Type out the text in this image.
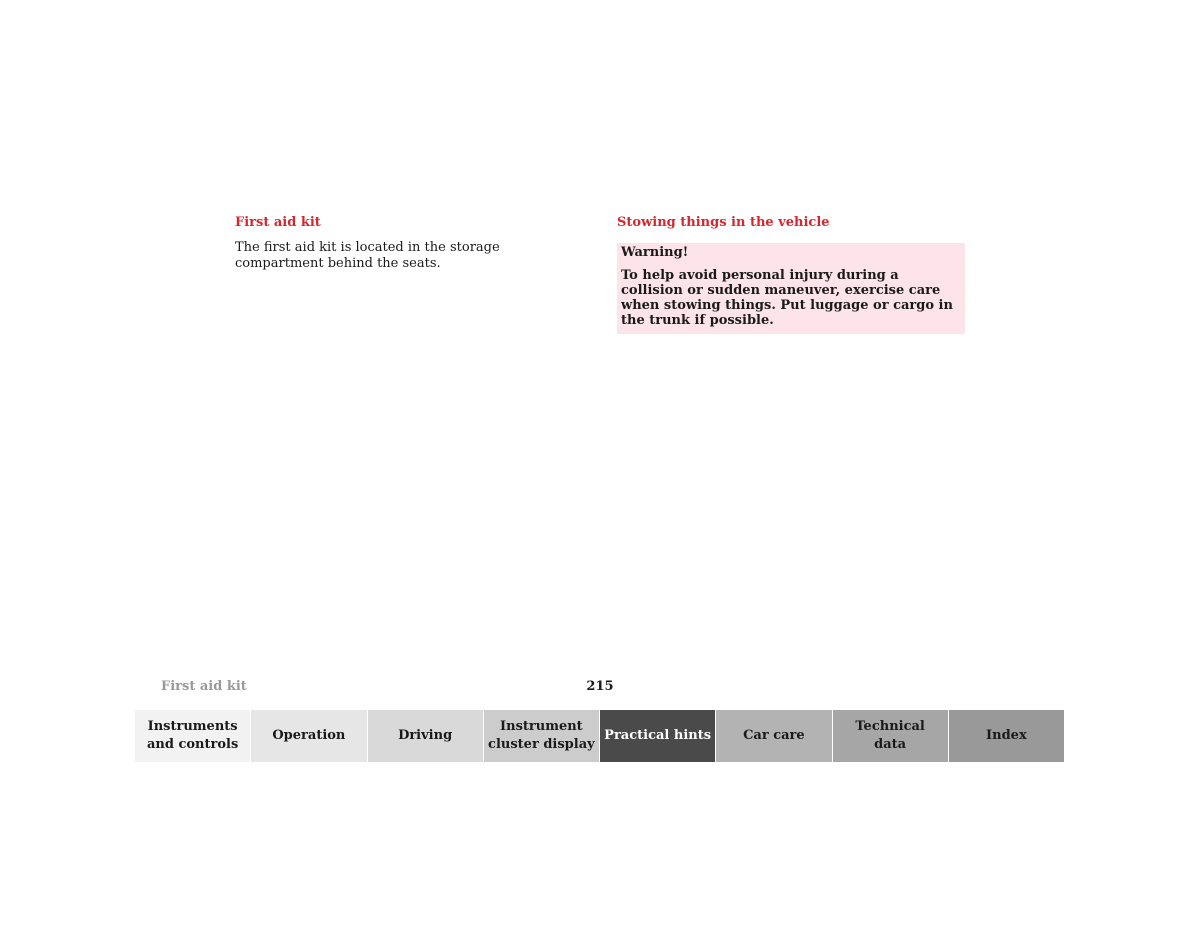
First aid kit

The first aid kit is located in the storage compartment behind the seats.

Stowing things in the vehicle

Warning!

To help avoid personal injury during a collision or sudden maneuver, exercise care when stowing things. Put luggage or cargo in the trunk if possible.

First aid kit	215
Instruments
and controls
Operation	Driving
Instrument
cluster display
Practical hints	Car care
Technical
data
Index
